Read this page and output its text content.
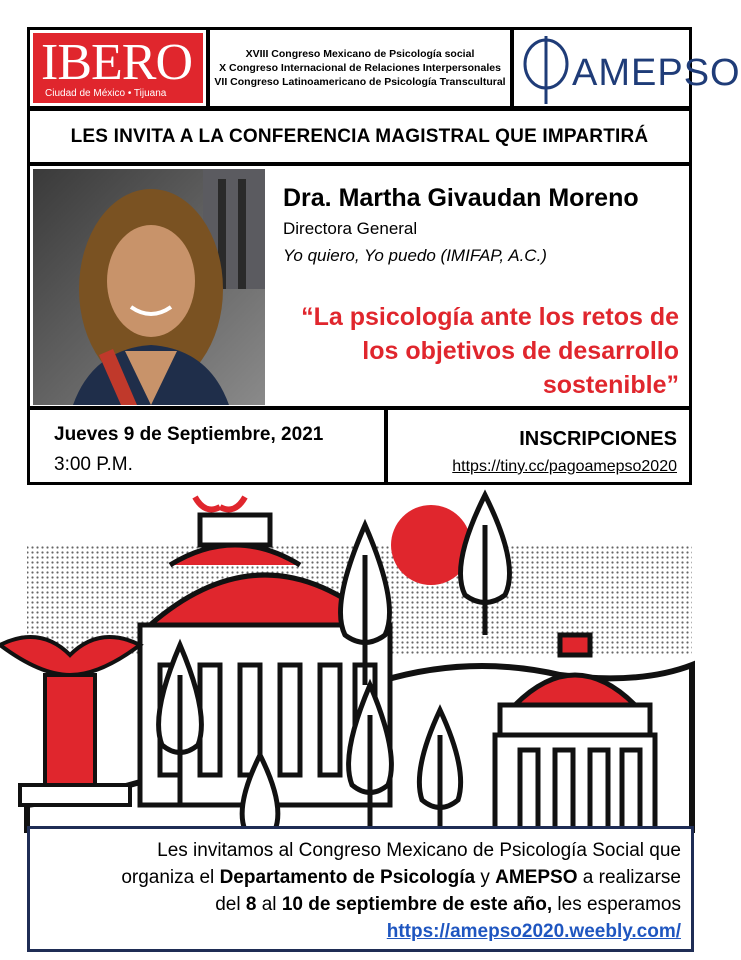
IBERO
Ciudad de México • Tijuana
XVIII Congreso Mexicano de Psicología social
X Congreso Internacional de Relaciones Interpersonales
VII Congreso Latinoamericano de Psicología Transcultural AMEPSO
LES INVITA A LA CONFERENCIA MAGISTRAL QUE IMPARTIRÁ
Dra. Martha Givaudan Moreno
Directora General
Yo quiero, Yo puedo (IMIFAP, A.C.)
“La psicología ante los retos de los objetivos de desarrollo sostenible”
Jueves 9 de Septiembre, 2021
3:00 P.M.
INSCRIPCIONES
https://tiny.cc/pagoamepso2020

Les invitamos al Congreso Mexicano de Psicología Social que

organiza el Departamento de Psicología y AMEPSO a realizarse

del 8 al 10 de septiembre de este año, les esperamos

https://amepso2020.weebly.com/
